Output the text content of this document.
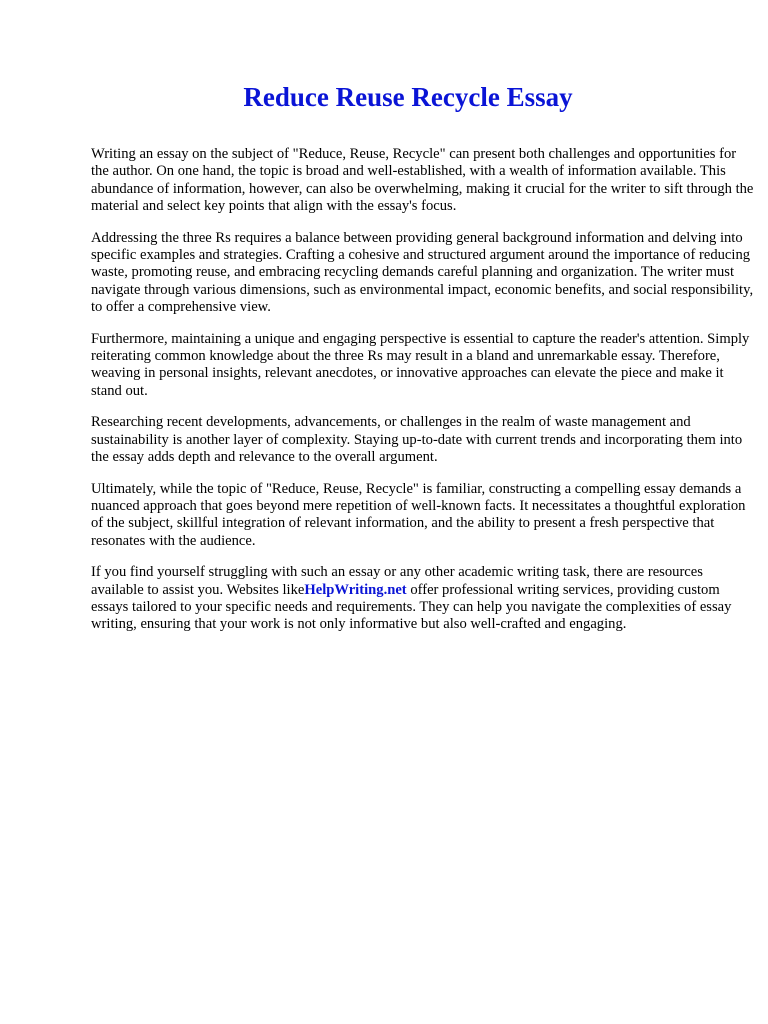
Reduce Reuse Recycle Essay

Writing an essay on the subject of "Reduce, Reuse, Recycle" can present both challenges and opportunities for the author. On one hand, the topic is broad and well-established, with a wealth of information available. This abundance of information, however, can also be overwhelming, making it crucial for the writer to sift through the material and select key points that align with the essay's focus.

Addressing the three Rs requires a balance between providing general background information and delving into specific examples and strategies. Crafting a cohesive and structured argument around the importance of reducing waste, promoting reuse, and embracing recycling demands careful planning and organization. The writer must navigate through various dimensions, such as environmental impact, economic benefits, and social responsibility, to offer a comprehensive view.

Furthermore, maintaining a unique and engaging perspective is essential to capture the reader's attention. Simply reiterating common knowledge about the three Rs may result in a bland and unremarkable essay. Therefore, weaving in personal insights, relevant anecdotes, or innovative approaches can elevate the piece and make it stand out.

Researching recent developments, advancements, or challenges in the realm of waste management and sustainability is another layer of complexity. Staying up-to-date with current trends and incorporating them into the essay adds depth and relevance to the overall argument.

Ultimately, while the topic of "Reduce, Reuse, Recycle" is familiar, constructing a compelling essay demands a nuanced approach that goes beyond mere repetition of well-known facts. It necessitates a thoughtful exploration of the subject, skillful integration of relevant information, and the ability to present a fresh perspective that resonates with the audience.

If you find yourself struggling with such an essay or any other academic writing task, there are resources available to assist you. Websites likeHelpWriting.net offer professional writing services, providing custom essays tailored to your specific needs and requirements. They can help you navigate the complexities of essay writing, ensuring that your work is not only informative but also well-crafted and engaging.
